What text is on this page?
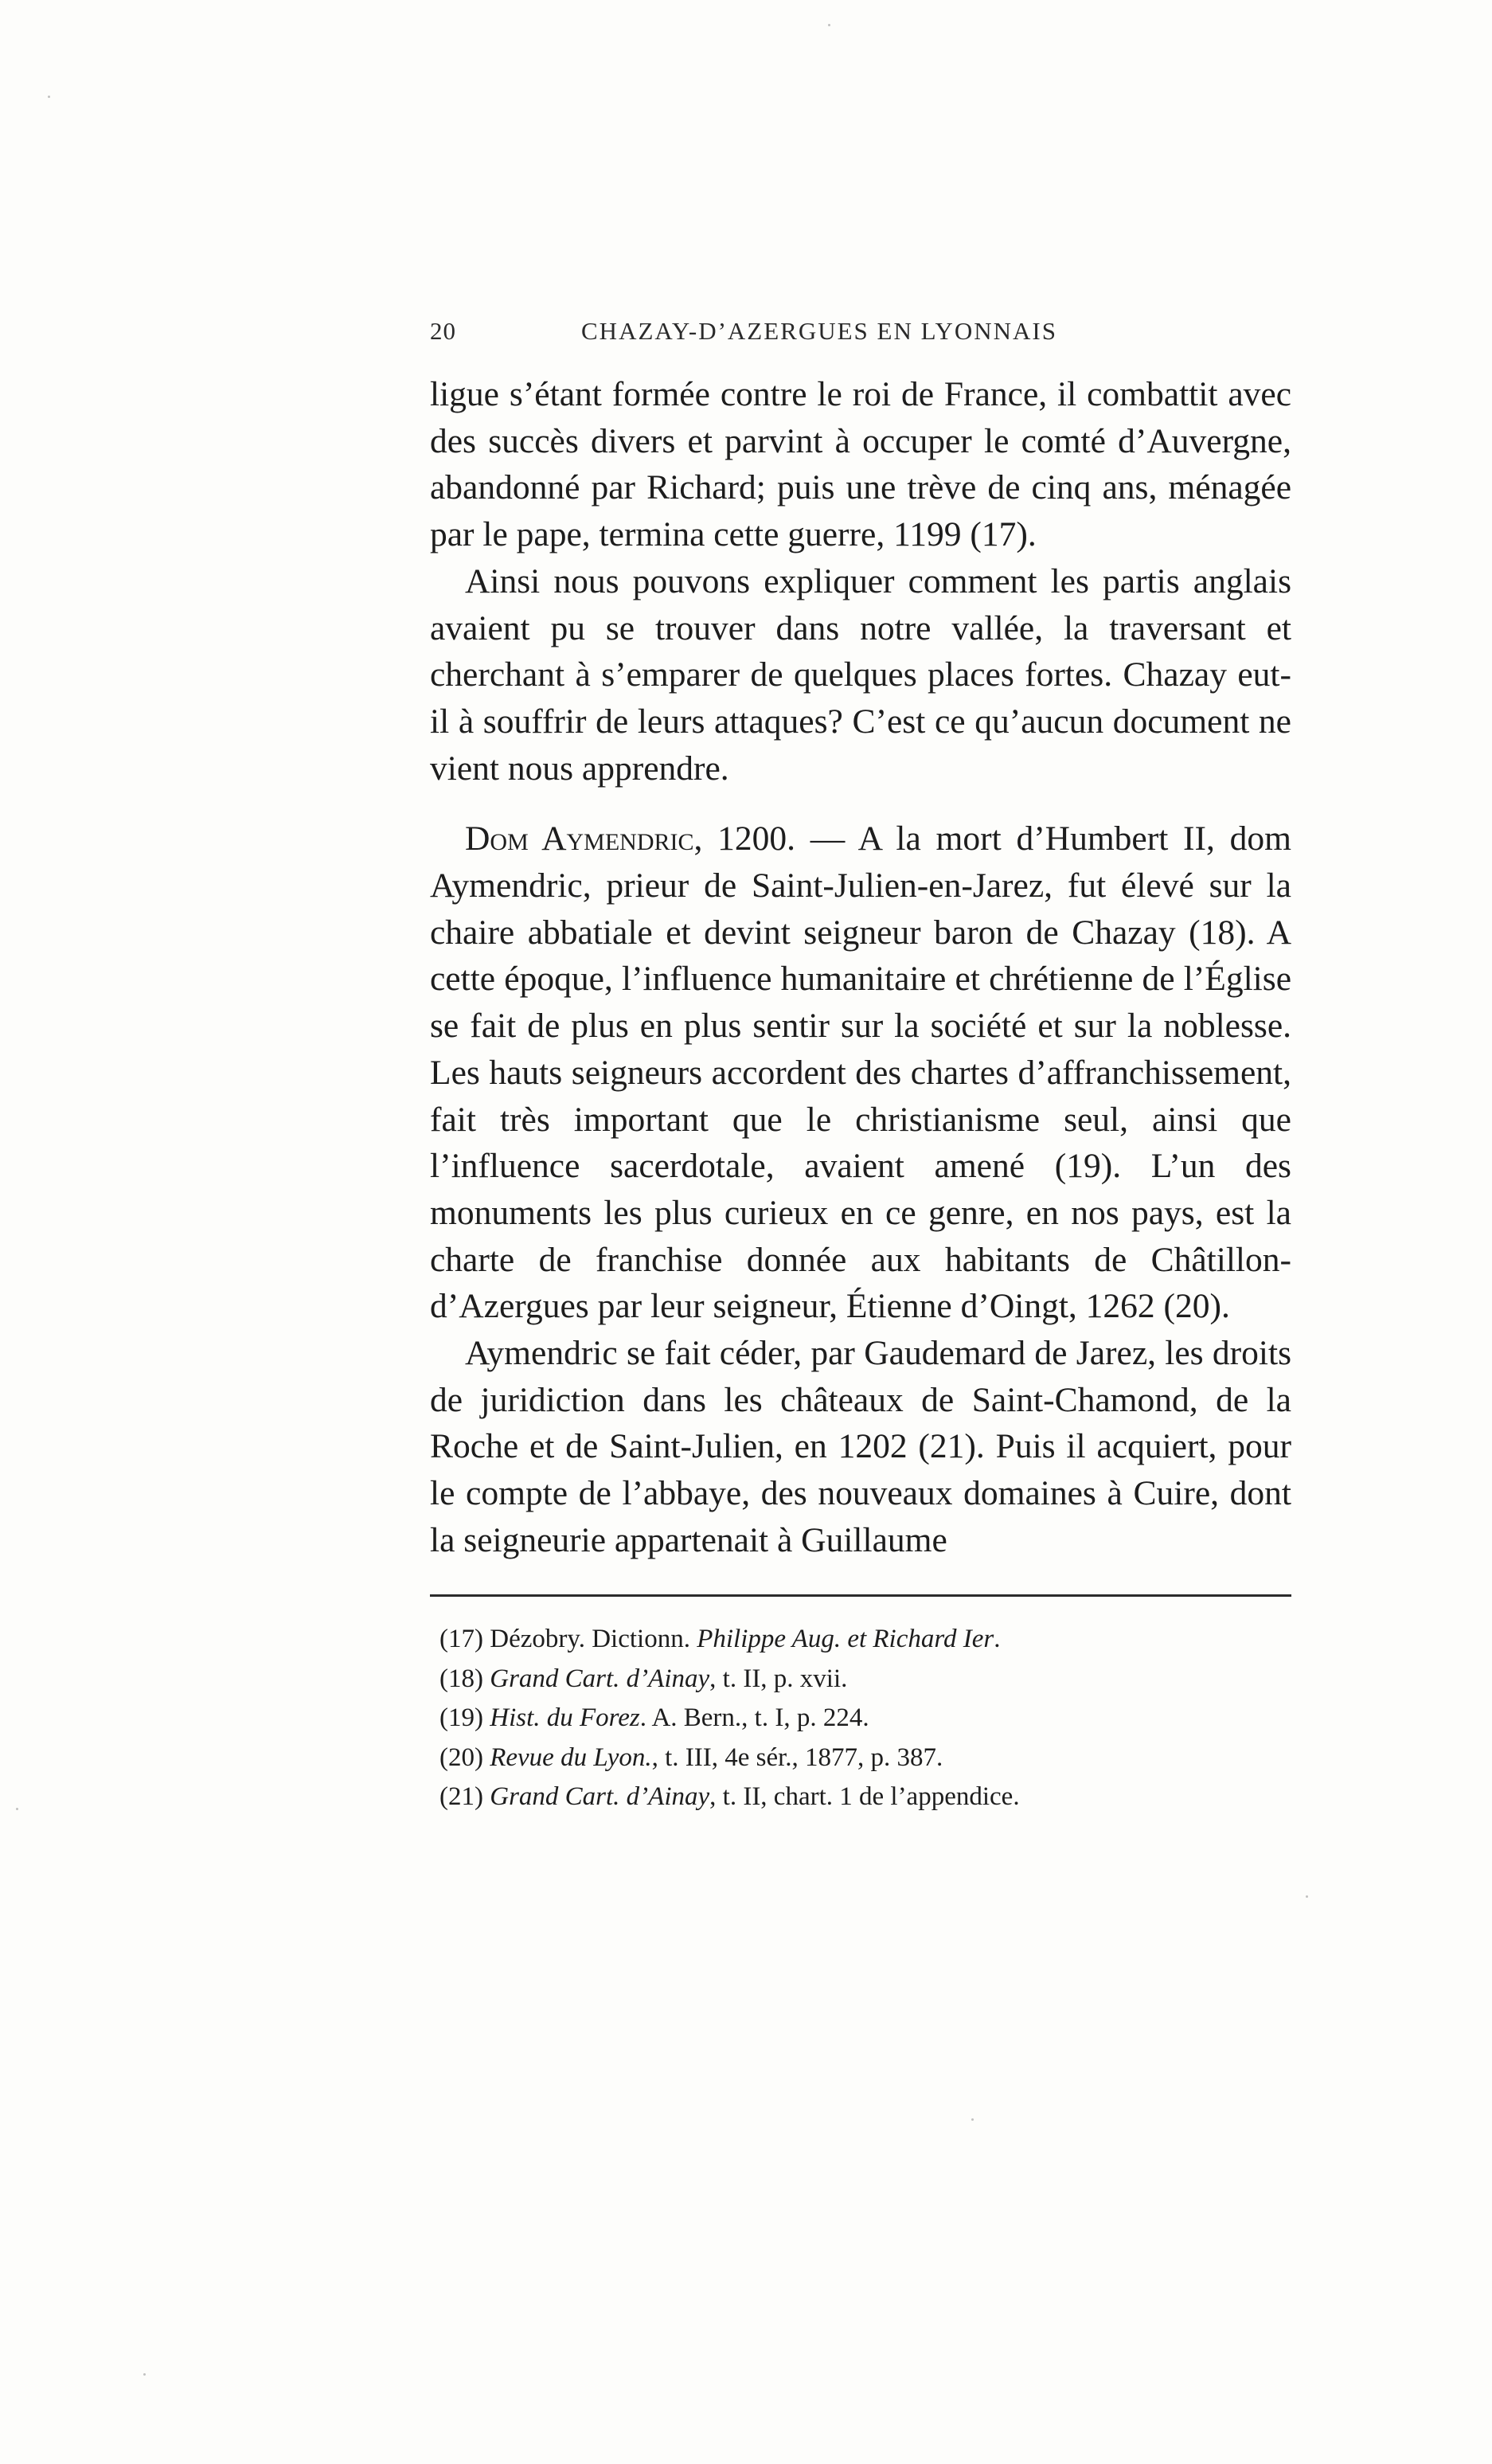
20	CHAZAY-D’AZERGUES EN LYONNAIS

ligue s’étant formée contre le roi de France, il combattit avec des succès divers et parvint à occuper le comté d’Auvergne, abandonné par Richard; puis une trève de cinq ans, ménagée par le pape, termina cette guerre, 1199 (17).

Ainsi nous pouvons expliquer comment les partis anglais avaient pu se trouver dans notre vallée, la traversant et cherchant à s’emparer de quelques places fortes. Chazay eut-il à souffrir de leurs attaques? C’est ce qu’aucun document ne vient nous apprendre.

Dom Aymendric, 1200. — A la mort d’Humbert II, dom Aymendric, prieur de Saint-Julien-en-Jarez, fut élevé sur la chaire abbatiale et devint seigneur baron de Chazay (18). A cette époque, l’influence humanitaire et chrétienne de l’Église se fait de plus en plus sentir sur la société et sur la noblesse. Les hauts seigneurs accordent des chartes d’affranchissement, fait très important que le christianisme seul, ainsi que l’influence sacerdotale, avaient amené (19). L’un des monuments les plus curieux en ce genre, en nos pays, est la charte de franchise donnée aux habitants de Châtillon-d’Azergues par leur seigneur, Étienne d’Oingt, 1262 (20).

Aymendric se fait céder, par Gaudemard de Jarez, les droits de juridiction dans les châteaux de Saint-Chamond, de la Roche et de Saint-Julien, en 1202 (21). Puis il acquiert, pour le compte de l’abbaye, des nouveaux domaines à Cuire, dont la seigneurie appartenait à Guillaume

(17) Dézobry. Dictionn. Philippe Aug. et Richard Ier.
(18) Grand Cart. d’Ainay, t. II, p. xvii.
(19) Hist. du Forez. A. Bern., t. I, p. 224.
(20) Revue du Lyon., t. III, 4e sér., 1877, p. 387.
(21) Grand Cart. d’Ainay, t. II, chart. 1 de l’appendice.
